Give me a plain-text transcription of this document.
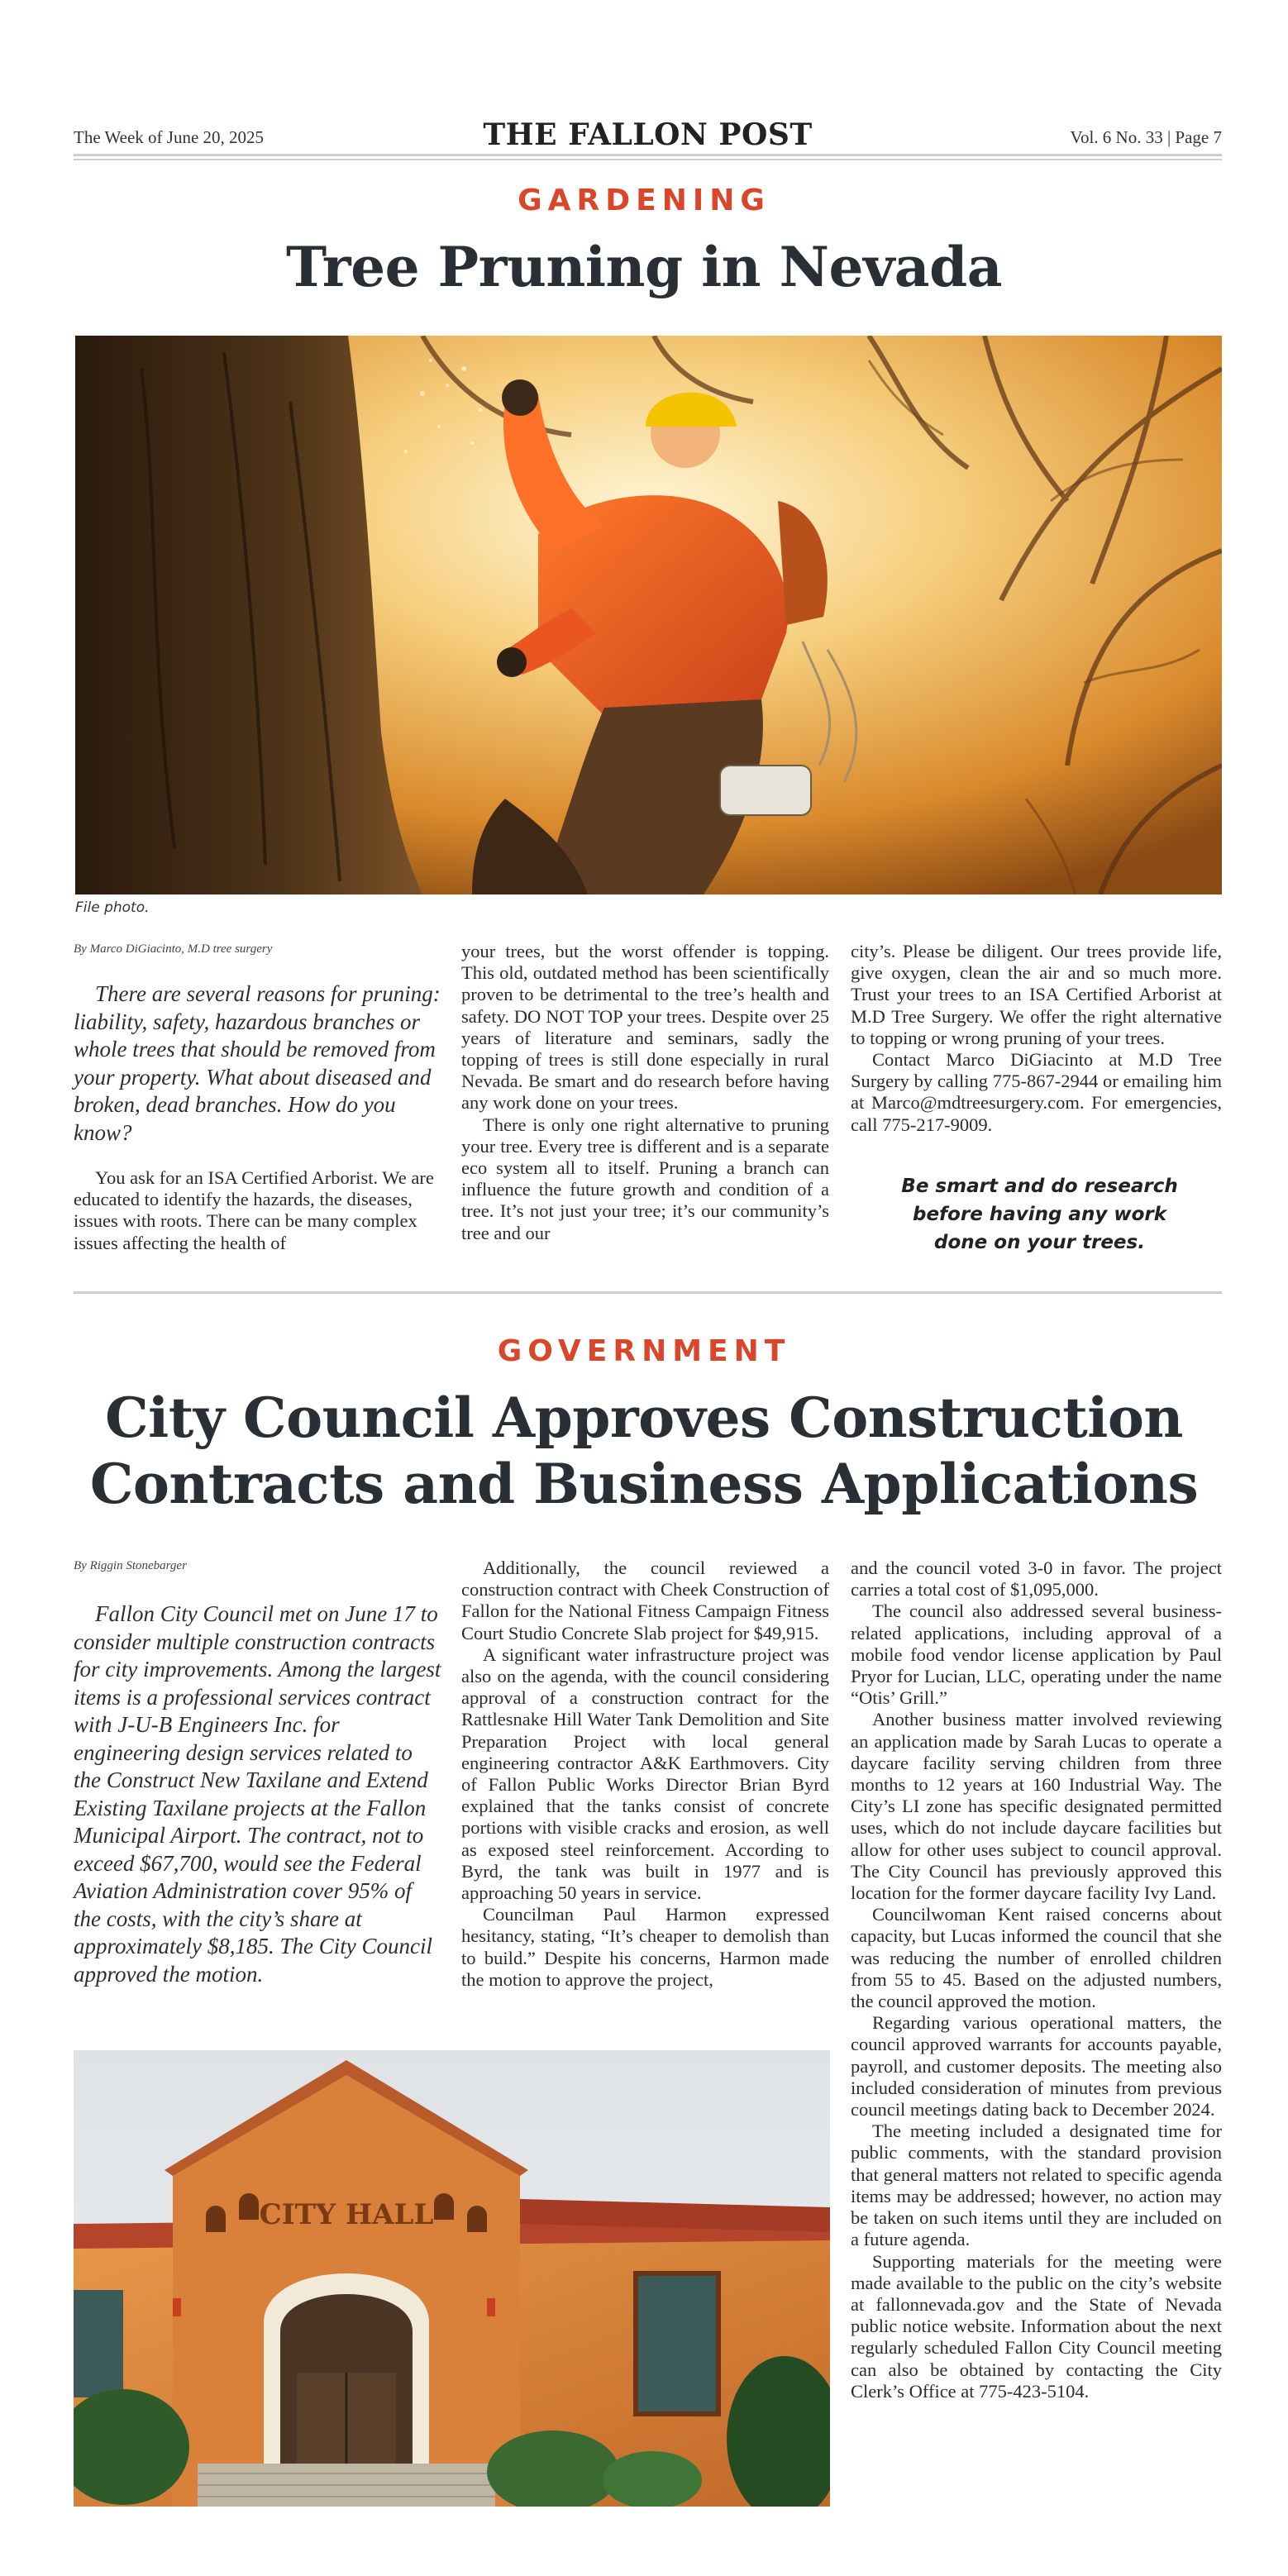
The Week of June 20, 2025	THE FALLON POST	Vol. 6 No. 33 | Page 7
GARDENING
Tree Pruning in Nevada
File photo.
By Marco DiGiacinto, M.D tree surgery
There are several reasons for pruning: liability, safety, hazardous branches or whole trees that should be removed from your property. What about diseased and broken, dead branches. How do you know?
You ask for an ISA Certified Arborist. We are educated to identify the hazards, the diseases, issues with roots. There can be many complex issues affecting the health of

your trees, but the worst offender is topping. This old, outdated method has been scientifically proven to be detrimental to the tree’s health and safety. DO NOT TOP your trees. Despite over 25 years of literature and seminars, sadly the topping of trees is still done especially in rural Nevada. Be smart and do research before having any work done on your trees.

There is only one right alternative to pruning your tree. Every tree is different and is a separate eco system all to itself. Pruning a branch can influence the future growth and condition of a tree. It’s not just your tree; it’s our community’s tree and our

city’s. Please be diligent. Our trees provide life, give oxygen, clean the air and so much more. Trust your trees to an ISA Certified Arborist at M.D Tree Surgery. We offer the right alternative to topping or wrong pruning of your trees.

Contact Marco DiGiacinto at M.D Tree Surgery by calling 775-867-2944 or emailing him at Marco@mdtreesurgery.com. For emergencies, call 775-217-9009.

Be smart and do research before having any work done on your trees.
GOVERNMENT
City Council Approves Construction
Contracts and Business Applications
By Riggin Stonebarger
Fallon City Council met on June 17 to consider multiple construction contracts for city improvements. Among the largest items is a professional services contract with J-U-B Engineers Inc. for engineering design services related to the Construct New Taxilane and Extend Existing Taxilane projects at the Fallon Municipal Airport. The contract, not to exceed $67,700, would see the Federal Aviation Administration cover 95% of the costs, with the city’s share at approximately $8,185. The City Council approved the motion.

Additionally, the council reviewed a construction contract with Cheek Construction of Fallon for the National Fitness Campaign Fitness Court Studio Concrete Slab project for $49,915.

A significant water infrastructure project was also on the agenda, with the council considering approval of a construction contract for the Rattlesnake Hill Water Tank Demolition and Site Preparation Project with local general engineering contractor A&K Earthmovers. City of Fallon Public Works Director Brian Byrd explained that the tanks consist of concrete portions with visible cracks and erosion, as well as exposed steel reinforcement. According to Byrd, the tank was built in 1977 and is approaching 50 years in service.

Councilman Paul Harmon expressed hesitancy, stating, “It’s cheaper to demolish than to build.” Despite his concerns, Harmon made the motion to approve the project,

and the council voted 3-0 in favor. The project carries a total cost of $1,095,000.

The council also addressed several business-related applications, including approval of a mobile food vendor license application by Paul Pryor for Lucian, LLC, operating under the name “Otis’ Grill.”

Another business matter involved reviewing an application made by Sarah Lucas to operate a daycare facility serving children from three months to 12 years at 160 Industrial Way. The City’s LI zone has specific designated permitted uses, which do not include daycare facilities but allow for other uses subject to council approval. The City Council has previously approved this location for the former daycare facility Ivy Land.

Councilwoman Kent raised concerns about capacity, but Lucas informed the council that she was reducing the number of enrolled children from 55 to 45. Based on the adjusted numbers, the council approved the motion.

Regarding various operational matters, the council approved warrants for accounts payable, payroll, and customer deposits. The meeting also included consideration of minutes from previous council meetings dating back to December 2024.

The meeting included a designated time for public comments, with the standard provision that general matters not related to specific agenda items may be addressed; however, no action may be taken on such items until they are included on a future agenda.

Supporting materials for the meeting were made available to the public on the city’s website at fallonnevada.gov and the State of Nevada public notice website. Information about the next regularly scheduled Fallon City Council meeting can also be obtained by contacting the City Clerk’s Office at 775-423-5104.

CITY HALL
